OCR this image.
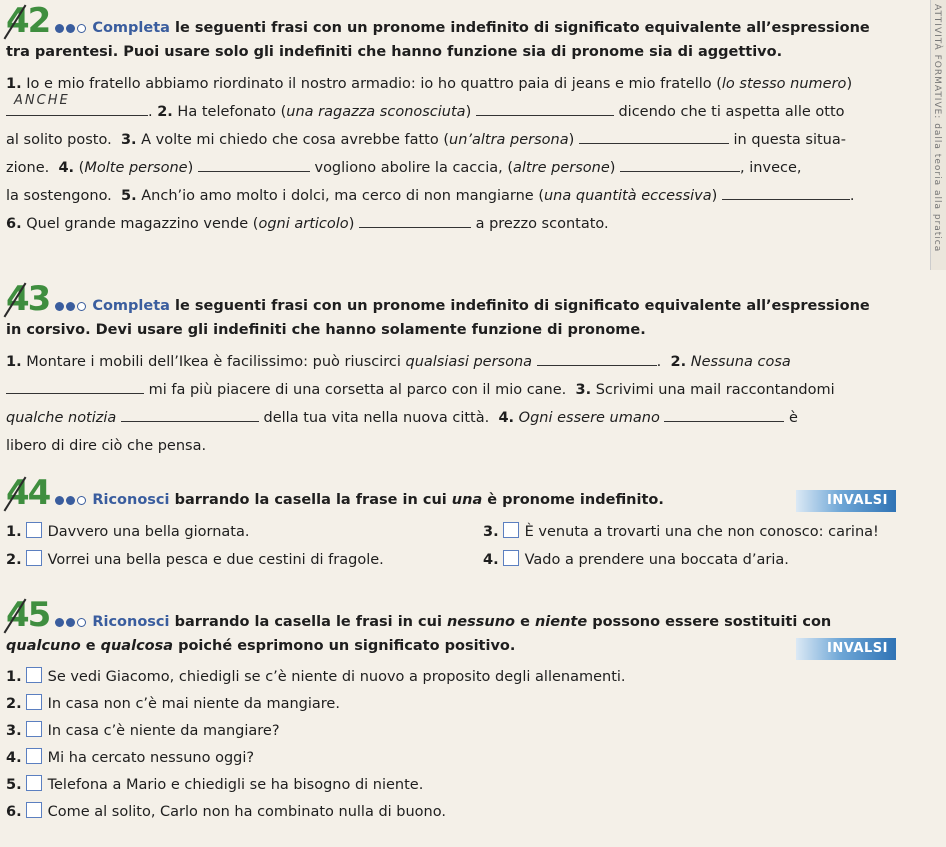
42	Completa le seguenti frasi con un pronome indefinito di significato equivalente all’espressione
tra parentesi. Puoi usare solo gli indefiniti che hanno funzione sia di pronome sia di aggettivo.
1. Io e mio fratello abbiamo riordinato il nostro armadio: io ho quattro paia di jeans e mio fratello (lo stesso numero)
ANCHE
. 2. Ha telefonato (una ragazza sconosciuta)	dicendo che ti aspetta alle otto
al solito posto. 3. A volte mi chiedo che cosa avrebbe fatto (un’altra persona)	in questa situa-
zione. 4. (Molte persone)	vogliono abolire la caccia, (altre persone)	, invece,
la sostengono. 5. Anch’io amo molto i dolci, ma cerco di non mangiarne (una quantità eccessiva)	.
6. Quel grande magazzino vende (ogni articolo)	a prezzo scontato.
43	Completa le seguenti frasi con un pronome indefinito di significato equivalente all’espressione
in corsivo. Devi usare gli indefiniti che hanno solamente funzione di pronome.
1. Montare i mobili dell’Ikea è facilissimo: può riuscirci qualsiasi persona	. 2. Nessuna cosa
mi fa più piacere di una corsetta al parco con il mio cane. 3. Scrivimi una mail raccontandomi
qualche notizia	della tua vita nella nuova città. 4. Ogni essere umano	è
libero di dire ciò che pensa.
44	Riconosci barrando la casella la frase in cui una è pronome indefinito.	INVALSI
1. Davvero una bella giornata.
2. Vorrei una bella pesca e due cestini di fragole.
3. È venuta a trovarti una che non conosco: carina!
4. Vado a prendere una boccata d’aria.
45	Riconosci barrando la casella le frasi in cui nessuno e niente possono essere sostituiti con
qualcuno e qualcosa poiché esprimono un significato positivo.	INVALSI
1. Se vedi Giacomo, chiedigli se c’è niente di nuovo a proposito degli allenamenti.
2. In casa non c’è mai niente da mangiare.
3. In casa c’è niente da mangiare?
4. Mi ha cercato nessuno oggi?
5. Telefona a Mario e chiedigli se ha bisogno di niente.
6. Come al solito, Carlo non ha combinato nulla di buono.
ATTIVITÀ FORMATIVE: dalla teoria alla pratica
